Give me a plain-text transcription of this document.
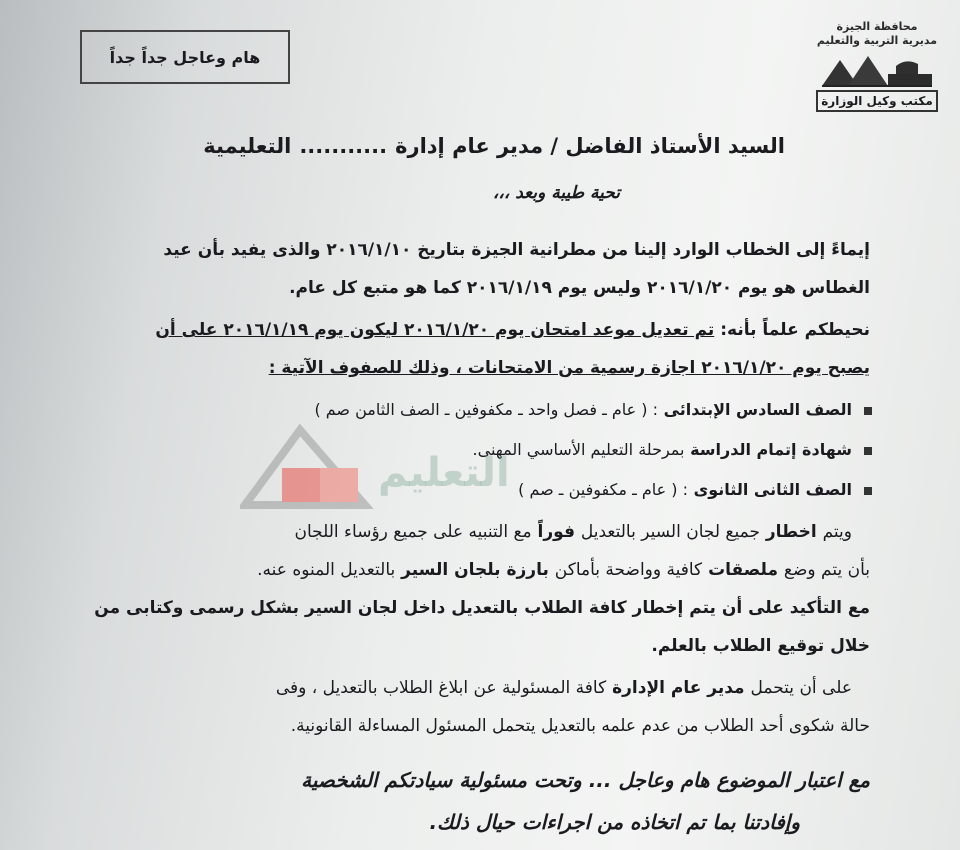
هام وعاجل جداً جداً
محافظة الجيزة
مديرية التربية والتعليم
مكتب وكيل الوزارة
السيد الأستاذ الفاضل / مدير عام إدارة...........التعليمية
تحية طيبة وبعد ،،،
إيماءً إلى الخطاب الوارد إلينا من مطرانية الجيزة بتاريخ ٢٠١٦/١/١٠ والذى يفيد بأن عيد
الغطاس هو يوم ٢٠١٦/١/٢٠ وليس يوم ٢٠١٦/١/١٩ كما هو متبع كل عام.
نحيطكم علماً بأنه: تم تعديل موعد امتحان يوم ٢٠١٦/١/٢٠ ليكون يوم ٢٠١٦/١/١٩ على أن
يصبح يوم ٢٠١٦/١/٢٠ اجازة رسمية من الامتحانات ، وذلك للصفوف الآتية :
الصف السادس الإبتدائى : ( عام ـ فصل واحد ـ مكفوفين ـ الصف الثامن صم )
شهادة إتمام الدراسة بمرحلة التعليم الأساسي المهنى.
الصف الثانى الثانوى : ( عام ـ مكفوفين ـ صم )
ويتم اخطار جميع لجان السير بالتعديل فوراً مع التنبيه على جميع رؤساء اللجان
بأن يتم وضع ملصقات كافية وواضحة بأماكن بارزة بلجان السير بالتعديل المنوه عنه.
مع التأكيد على أن يتم إخطار كافة الطلاب بالتعديل داخل لجان السير بشكل رسمى وكتابى من
خلال توقيع الطلاب بالعلم.
على أن يتحمل مدير عام الإدارة كافة المسئولية عن ابلاغ الطلاب بالتعديل ، وفى
حالة شكوى أحد الطلاب من عدم علمه بالتعديل يتحمل المسئول المساءلة القانونية.
مع اعتبار الموضوع هام وعاجل ... وتحت مسئولية سيادتكم الشخصية
وإفادتنا بما تم اتخاذه من اجراءات حيال ذلك.
التعليم
